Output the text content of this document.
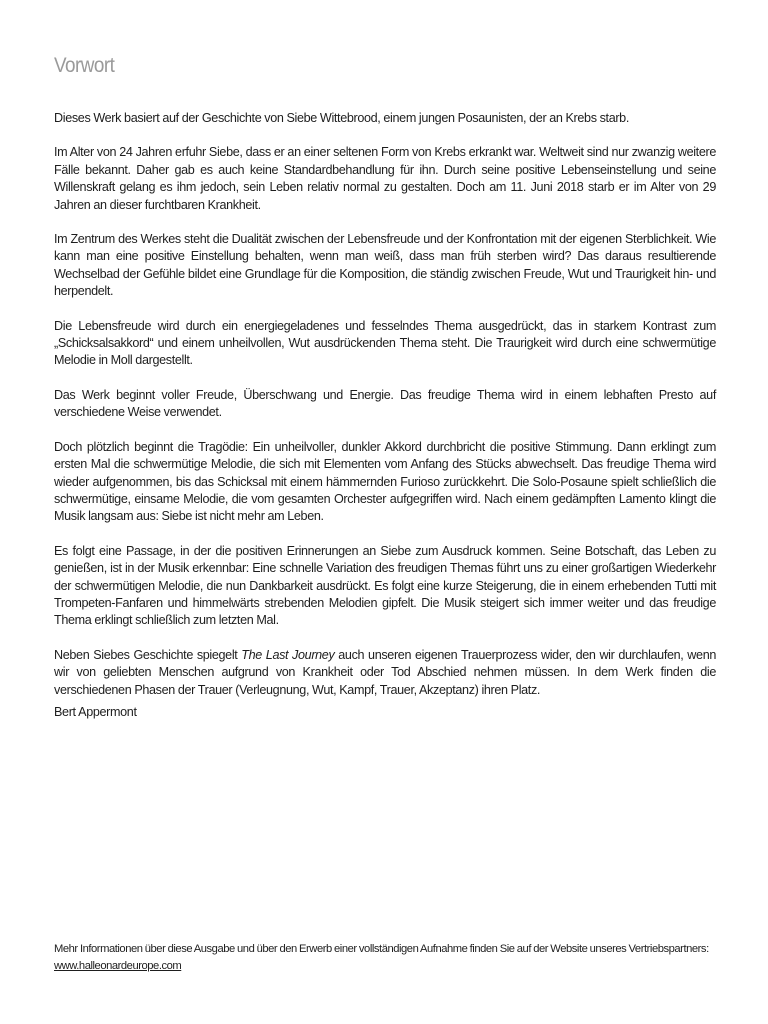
Vorwort

Dieses Werk basiert auf der Geschichte von Siebe Wittebrood, einem jungen Posaunisten, der an Krebs starb.

Im Alter von 24 Jahren erfuhr Siebe, dass er an einer seltenen Form von Krebs erkrankt war. Weltweit sind nur zwanzig weitere Fälle bekannt. Daher gab es auch keine Standardbehandlung für ihn. Durch seine positive Lebenseinstellung und seine Willenskraft gelang es ihm jedoch, sein Leben relativ normal zu gestalten. Doch am 11. Juni 2018 starb er im Alter von 29 Jahren an dieser furchtbaren Krankheit.

Im Zentrum des Werkes steht die Dualität zwischen der Lebensfreude und der Konfrontation mit der eigenen Sterblichkeit. Wie kann man eine positive Einstellung behalten, wenn man weiß, dass man früh sterben wird? Das daraus resultierende Wechselbad der Gefühle bildet eine Grundlage für die Komposition, die ständig zwischen Freude, Wut und Traurigkeit hin- und herpendelt.

Die Lebensfreude wird durch ein energiegeladenes und fesselndes Thema ausgedrückt, das in starkem Kontrast zum „Schicksalsakkord“ und einem unheilvollen, Wut ausdrückenden Thema steht. Die Traurigkeit wird durch eine schwermütige Melodie in Moll dargestellt.

Das Werk beginnt voller Freude, Überschwang und Energie. Das freudige Thema wird in einem lebhaften Presto auf verschiedene Weise verwendet.

Doch plötzlich beginnt die Tragödie: Ein unheilvoller, dunkler Akkord durchbricht die positive Stimmung. Dann erklingt zum ersten Mal die schwermütige Melodie, die sich mit Elementen vom Anfang des Stücks abwechselt. Das freudige Thema wird wieder aufgenommen, bis das Schicksal mit einem hämmernden Furioso zurückkehrt. Die Solo-Posaune spielt schließlich die schwermütige, einsame Melodie, die vom gesamten Orchester aufgegriffen wird. Nach einem gedämpften Lamento klingt die Musik langsam aus: Siebe ist nicht mehr am Leben.

Es folgt eine Passage, in der die positiven Erinnerungen an Siebe zum Ausdruck kommen. Seine Botschaft, das Leben zu genießen, ist in der Musik erkennbar: Eine schnelle Variation des freudigen Themas führt uns zu einer großartigen Wiederkehr der schwermütigen Melodie, die nun Dankbarkeit ausdrückt. Es folgt eine kurze Steigerung, die in einem erhebenden Tutti mit Trompeten-Fanfaren und himmelwärts strebenden Melodien gipfelt. Die Musik steigert sich immer weiter und das freudige Thema erklingt schließlich zum letzten Mal.

Neben Siebes Geschichte spiegelt The Last Journey auch unseren eigenen Trauerprozess wider, den wir durchlaufen, wenn wir von geliebten Menschen aufgrund von Krankheit oder Tod Abschied nehmen müssen. In dem Werk finden die verschiedenen Phasen der Trauer (Verleugnung, Wut, Kampf, Trauer, Akzeptanz) ihren Platz.

Bert Appermont
Mehr Informationen über diese Ausgabe und über den Erwerb einer vollständigen Aufnahme finden Sie auf der Website unseres Vertriebspartners:
www.halleonardeurope.com
